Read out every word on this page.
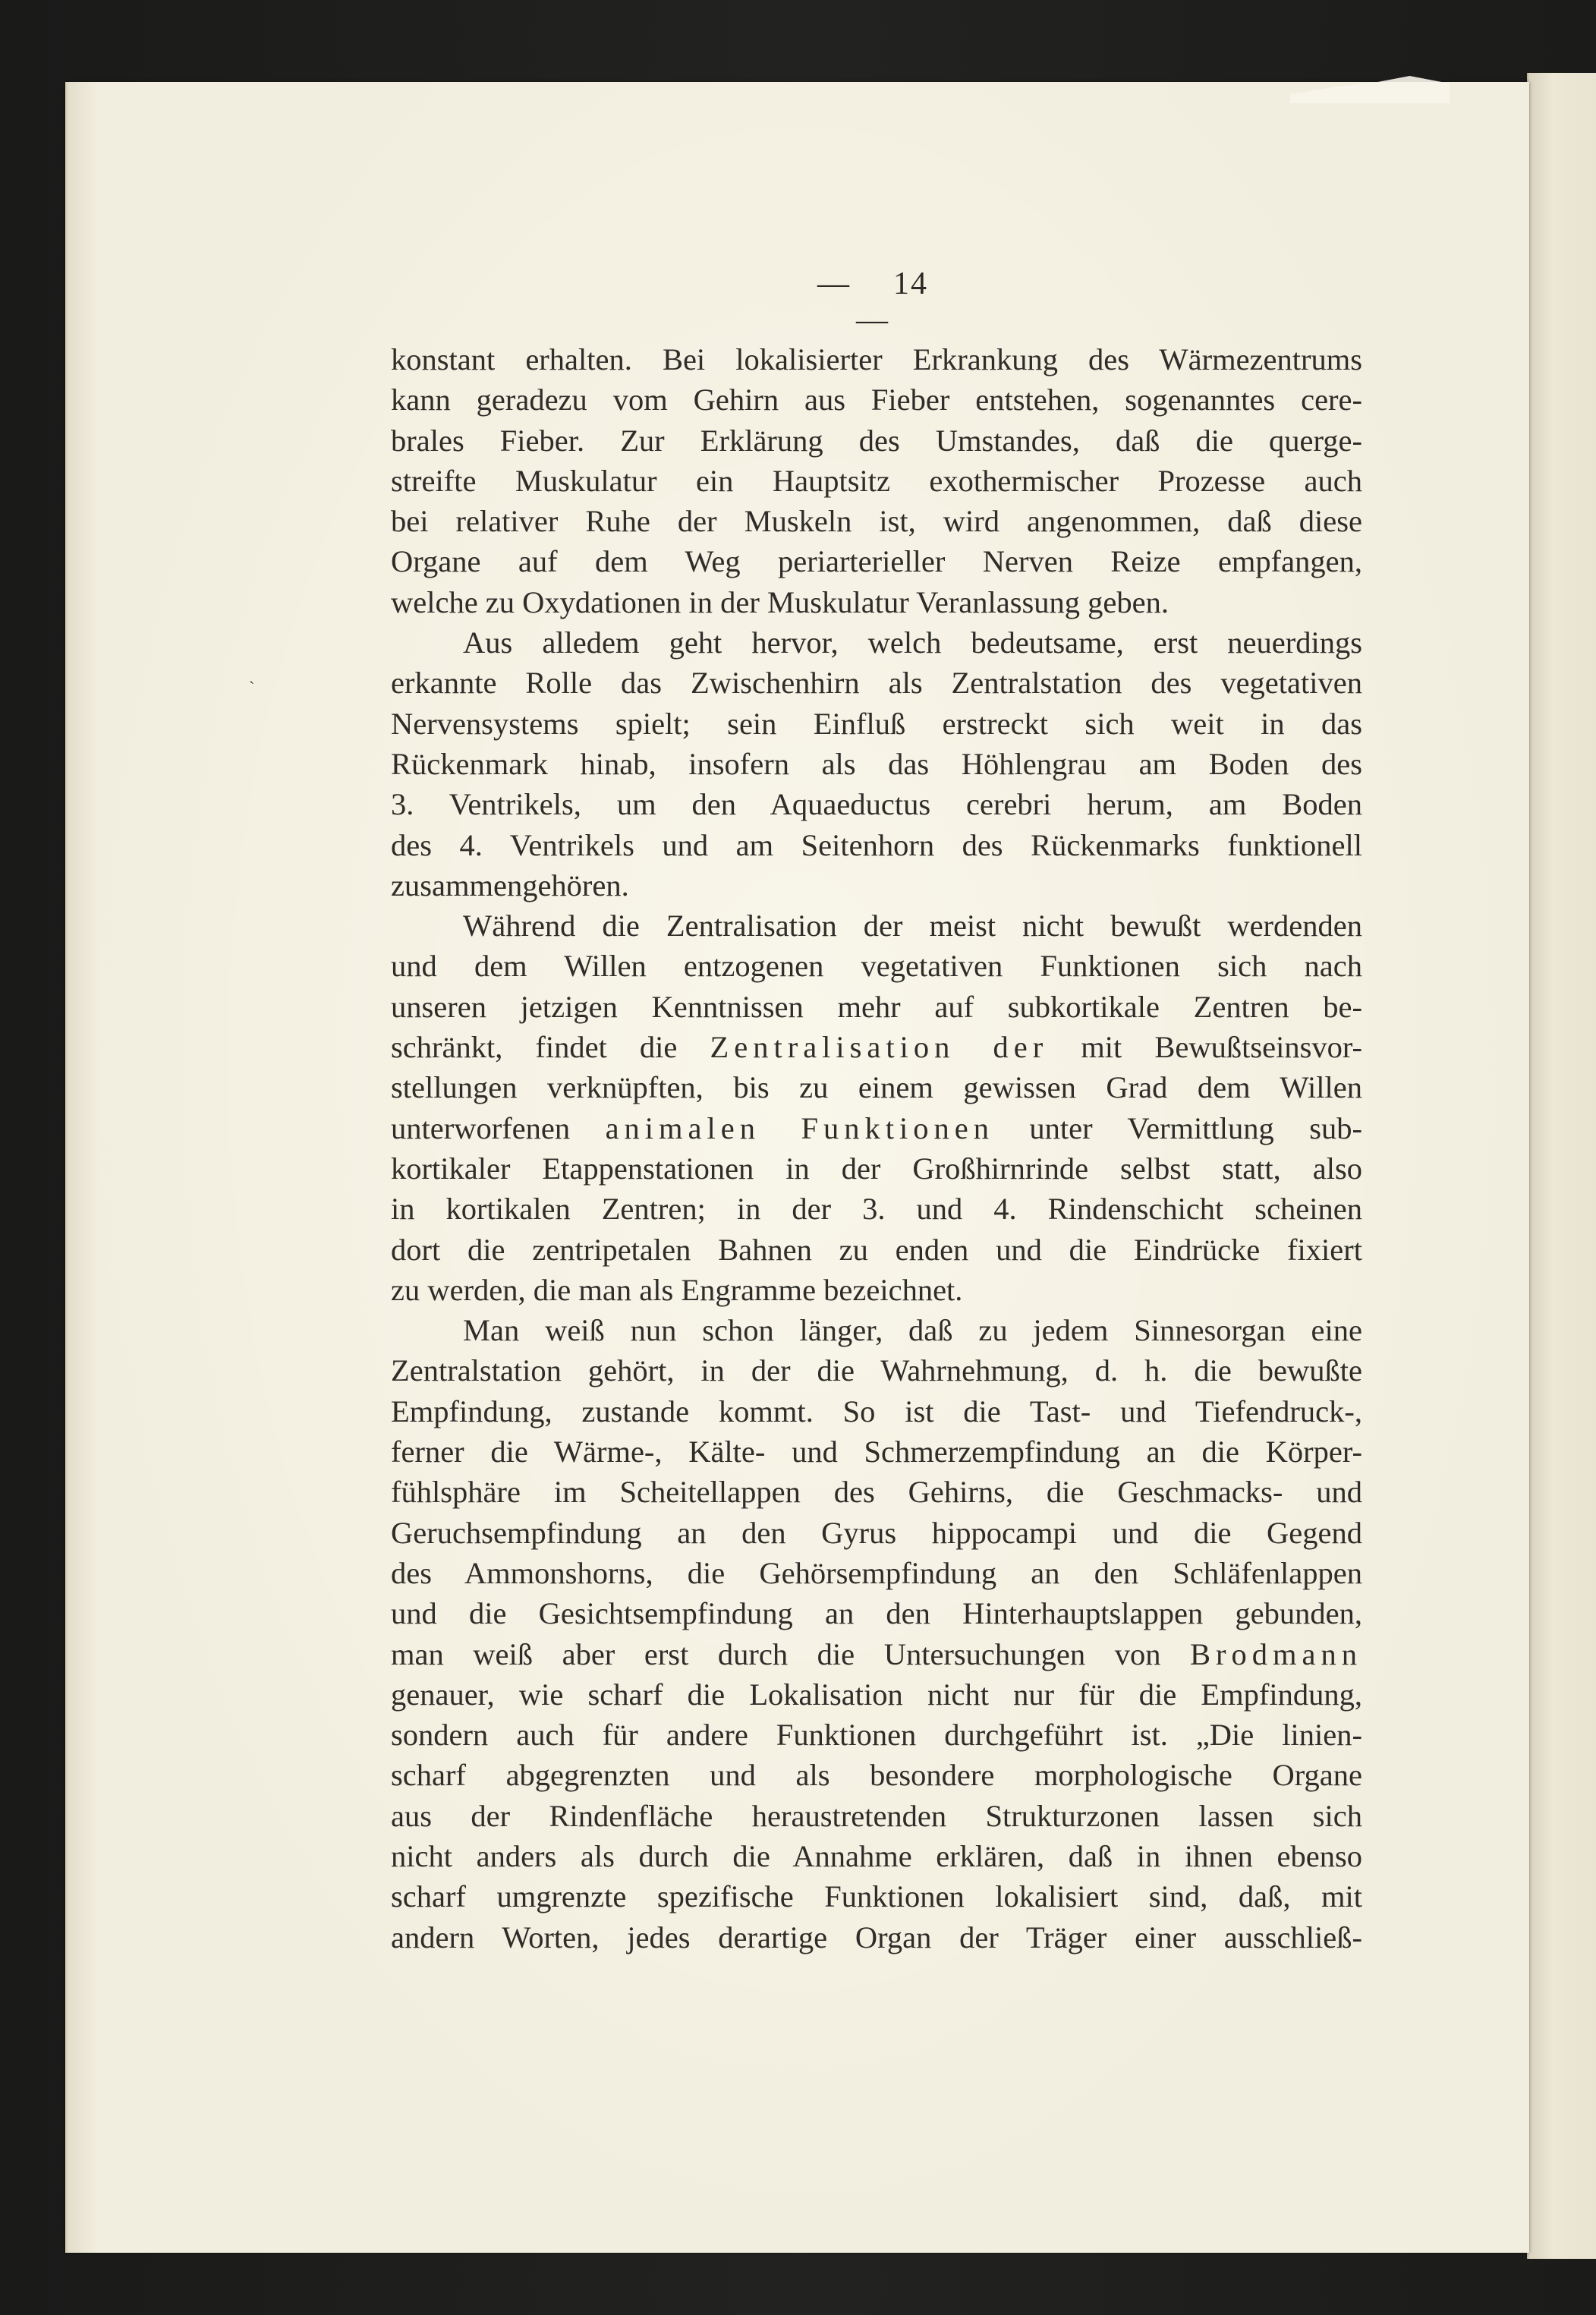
`
— 14—
konstant erhalten. Bei lokalisierter Erkrankung des Wärmezentrums
kann geradezu vom Gehirn aus Fieber entstehen, sogenanntes cere-
brales Fieber. Zur Erklärung des Umstandes, daß die querge-
streifte Muskulatur ein Hauptsitz exothermischer Prozesse auch
bei relativer Ruhe der Muskeln ist, wird angenommen, daß diese
Organe auf dem Weg periarterieller Nerven Reize empfangen,
welche zu Oxydationen in der Muskulatur Veranlassung geben.
Aus alledem geht hervor, welch bedeutsame, erst neuerdings
erkannte Rolle das Zwischenhirn als Zentralstation des vegetativen
Nervensystems spielt; sein Einfluß erstreckt sich weit in das
Rückenmark hinab, insofern als das Höhlengrau am Boden des
3. Ventrikels, um den Aquaeductus cerebri herum, am Boden
des 4. Ventrikels und am Seitenhorn des Rückenmarks funktionell
zusammengehören.
Während die Zentralisation der meist nicht bewußt werdenden
und dem Willen entzogenen vegetativen Funktionen sich nach
unseren jetzigen Kenntnissen mehr auf subkortikale Zentren be-
schränkt, findet die Zentralisation der mit Bewußtseinsvor-
stellungen verknüpften, bis zu einem gewissen Grad dem Willen
unterworfenen animalen Funktionen unter Vermittlung sub-
kortikaler Etappenstationen in der Großhirnrinde selbst statt, also
in kortikalen Zentren; in der 3. und 4. Rindenschicht scheinen
dort die zentripetalen Bahnen zu enden und die Eindrücke fixiert
zu werden, die man als Engramme bezeichnet.
Man weiß nun schon länger, daß zu jedem Sinnesorgan eine
Zentralstation gehört, in der die Wahrnehmung, d. h. die bewußte
Empfindung, zustande kommt. So ist die Tast- und Tiefendruck-,
ferner die Wärme-, Kälte- und Schmerzempfindung an die Körper-
fühlsphäre im Scheitellappen des Gehirns, die Geschmacks- und
Geruchsempfindung an den Gyrus hippocampi und die Gegend
des Ammonshorns, die Gehörsempfindung an den Schläfenlappen
und die Gesichtsempfindung an den Hinterhauptslappen gebunden,
man weiß aber erst durch die Untersuchungen von Brodmann
genauer, wie scharf die Lokalisation nicht nur für die Empfindung,
sondern auch für andere Funktionen durchgeführt ist. „Die linien-
scharf abgegrenzten und als besondere morphologische Organe
aus der Rindenfläche heraustretenden Strukturzonen lassen sich
nicht anders als durch die Annahme erklären, daß in ihnen ebenso
scharf umgrenzte spezifische Funktionen lokalisiert sind, daß, mit
andern Worten, jedes derartige Organ der Träger einer ausschließ-
